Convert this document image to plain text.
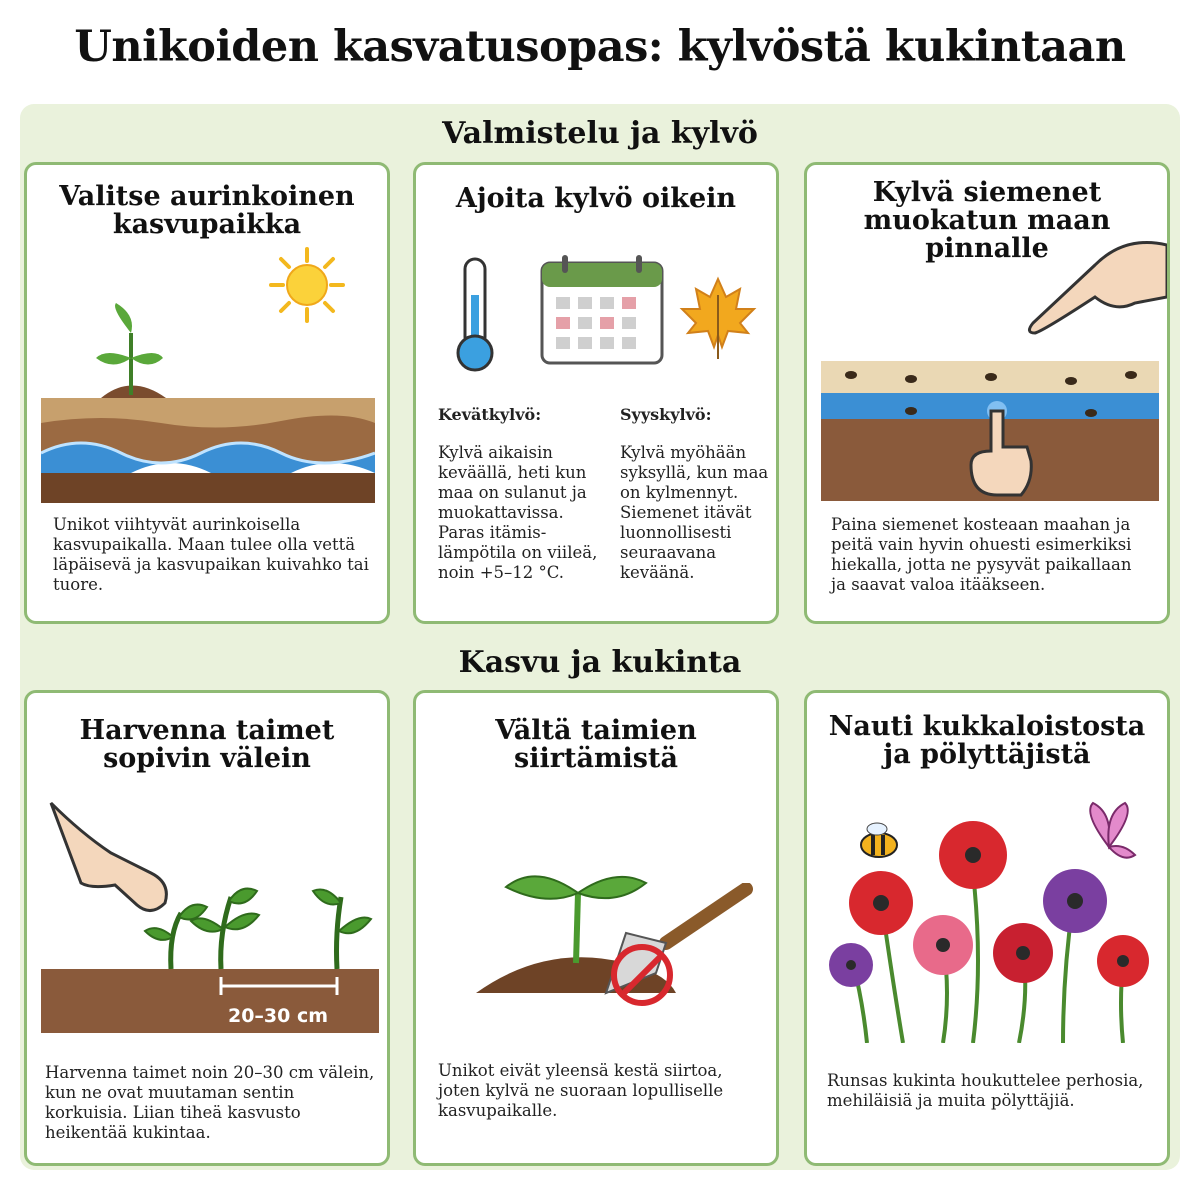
Unikoiden kasvatusopas: kylvöstä kukintaan
Valmistelu ja kylvö
Kasvu ja kukinta
Valitse aurinkoinen
kasvupaikka
Unikot viihtyvät aurinkoisella kasvupaikalla. Maan tulee olla vettä läpäisevä ja kasvupaikan kuivahko tai tuore.
Ajoita kylvö oikein
Kevätkylvö:
Kylvä aikaisin keväällä, heti kun maa on sulanut ja muokattavissa. Paras itämis-lämpötila on viileä, noin +5–12 °C.
Syyskylvö:
Kylvä myöhään syksyllä, kun maa on kylmennyt. Siemenet itävät luonnollisesti seuraavana keväänä.
Kylvä siemenet
muokatun maan
pinnalle
Paina siemenet kosteaan maahan ja peitä vain hyvin ohuesti esimerkiksi hiekalla, jotta ne pysyvät paikallaan ja saavat valoa itääkseen.
Harvenna taimet
sopivin välein
20–30 cm
Harvenna taimet noin 20–30 cm välein, kun ne ovat muutaman sentin korkuisia. Liian tiheä kasvusto heikentää kukintaa.
Vältä taimien
siirtämistä
Unikot eivät yleensä kestä siirtoa, joten kylvä ne suoraan lopulliselle kasvupaikalle.
Nauti kukkaloistosta
ja pölyttäjistä
Runsas kukinta houkuttelee perhosia, mehiläisiä ja muita pölyttäjiä.
